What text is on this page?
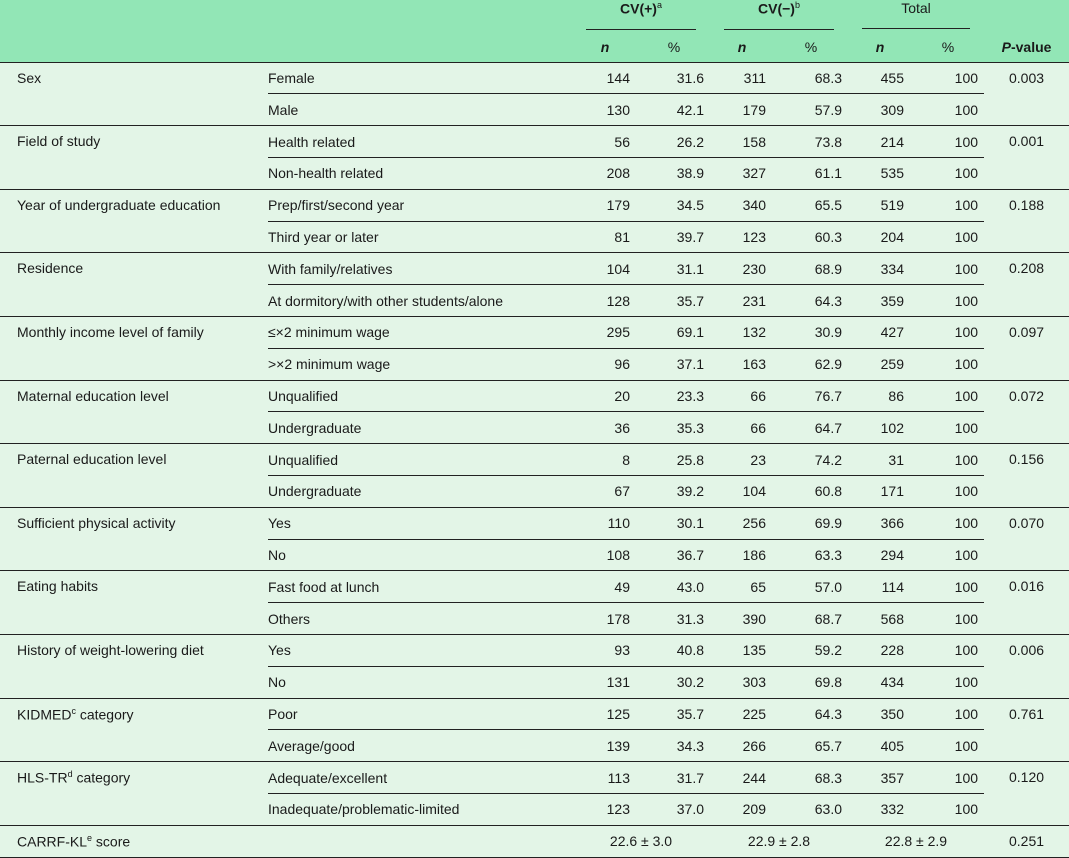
		$CV(+)^a$		$CV(-)^b$		Total	

		n	%	n	%	n	%	P-value
Sex	Female	144	31.6	311	68.3	455	100	0.003
	Male	130	42.1	179	57.9	309	100	
Field of study	Health related	56	26.2	158	73.8	214	100	0.001
	Non-health related	208	38.9	327	61.1	535	100	
Year of undergraduate education	Prep/first/second year	179	34.5	340	65.5	519	100	0.188
	Third year or later	81	39.7	123	60.3	204	100	
Residence	With family/relatives	104	31.1	230	68.9	334	100	0.208
	At dormitory/with other students/alone	128	35.7	231	64.3	359	100	
Monthly income level of family	≤×2 minimum wage	295	69.1	132	30.9	427	100	0.097
	>×2 minimum wage	96	37.1	163	62.9	259	100	
Maternal education level	Unqualified	20	23.3	66	76.7	86	100	0.072
	Undergraduate	36	35.3	66	64.7	102	100	
Paternal education level	Unqualified	8	25.8	23	74.2	31	100	0.156
	Undergraduate	67	39.2	104	60.8	171	100	
Sufficient physical activity	Yes	110	30.1	256	69.9	366	100	0.070
	No	108	36.7	186	63.3	294	100	
Eating habits	Fast food at lunch	49	43.0	65	57.0	114	100	0.016
	Others	178	31.3	390	68.7	568	100	
History of weight-lowering diet	Yes	93	40.8	135	59.2	228	100	0.006
	No	131	30.2	303	69.8	434	100	
KIDMED$^c$ category	Poor	125	35.7	225	64.3	350	100	0.761
	Average/good	139	34.3	266	65.7	405	100	
HLS-$TR^d$ category	Adequate/excellent	113	31.7	244	68.3	357	100	0.120
	Inadequate/problematic-limited	123	37.0	209	63.0	332	100	
CARRF-$KL^e$ score		22.6 ± 3.0		22.9 ± 2.8		22.8 ± 2.9		0.251
